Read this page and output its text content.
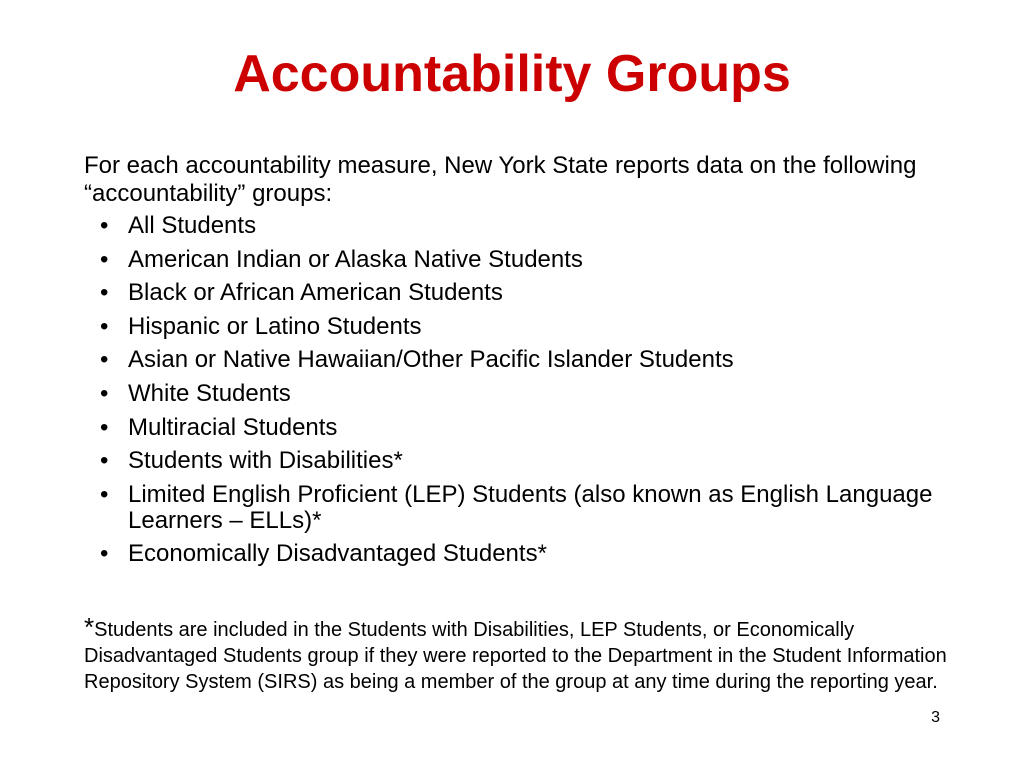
Accountability Groups

For each accountability measure, New York State reports data on the following “accountability” groups:

• All Students
• American Indian or Alaska Native Students
• Black or African American Students
• Hispanic or Latino Students
• Asian or Native Hawaiian/Other Pacific Islander Students
• White Students
• Multiracial Students
• Students with Disabilities*
• Limited English Proficient (LEP) Students (also known as English Language Learners – ELLs)*
• Economically Disadvantaged Students*

*Students are included in the Students with Disabilities, LEP Students, or Economically Disadvantaged Students group if they were reported to the Department in the Student Information Repository System (SIRS) as being a member of the group at any time during the reporting year.

3
